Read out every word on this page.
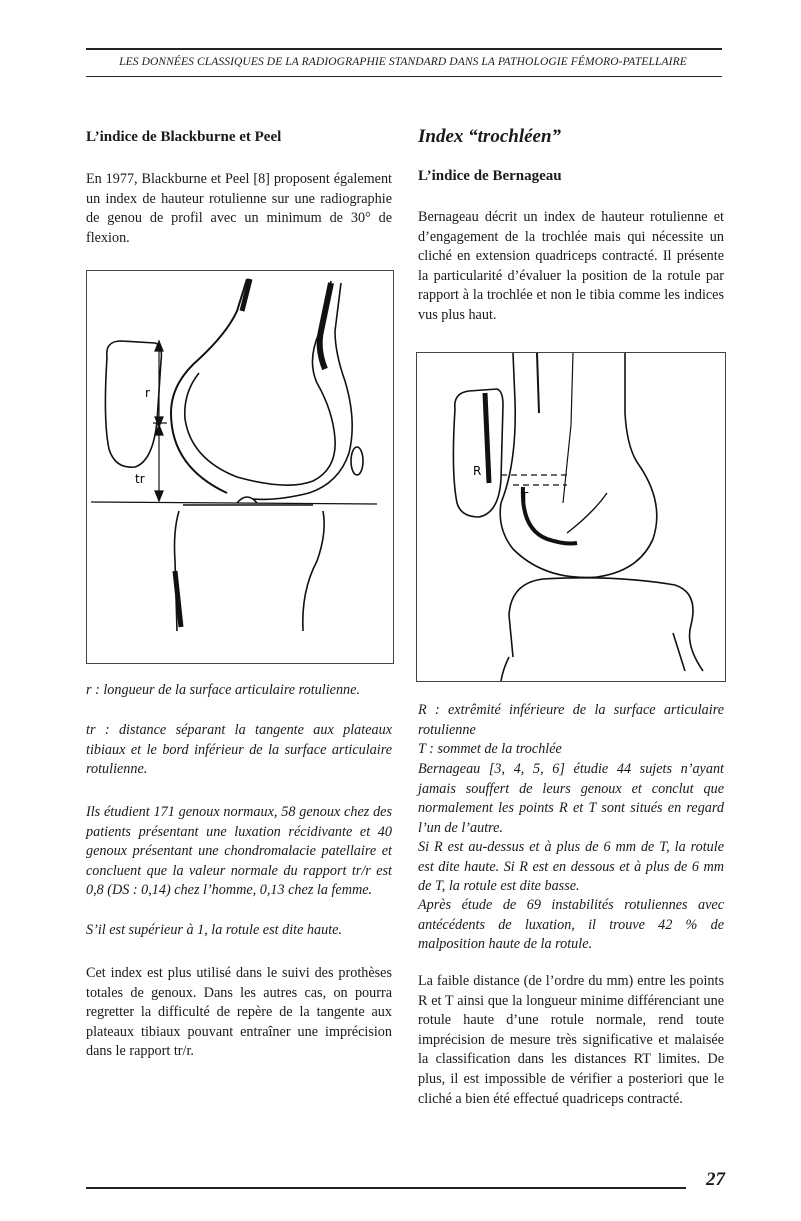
LES DONNÉES CLASSIQUES DE LA RADIOGRAPHIE STANDARD DANS LA PATHOLOGIE FÉMORO-PATELLAIRE
L’indice de Blackburne et Peel

En 1977, Blackburne et Peel [8] proposent également un index de hauteur rotulienne sur une radiographie de genou de profil avec un minimum de 30° de flexion.

r
tr

r : longueur de la surface articulaire rotulienne.

tr : distance séparant la tangente aux plateaux tibiaux et le bord inférieur de la surface articulaire rotulienne.

Ils étudient 171 genoux normaux, 58 genoux chez des patients présentant une luxation récidivante et 40 genoux présentant une chondromalacie patellaire et concluent que la valeur normale du rapport tr/r est 0,8 (DS : 0,14) chez l’homme, 0,13 chez la femme.

S’il est supérieur à 1, la rotule est dite haute.

Cet index est plus utilisé dans le suivi des prothèses totales de genoux. Dans les autres cas, on pourra regretter la difficulté de repère de la tangente aux plateaux tibiaux pouvant entraîner une imprécision dans le rapport tr/r.

Index “trochléen”
L’indice de Bernageau

Bernageau décrit un index de hauteur rotulienne et d’engagement de la trochlée mais qui nécessite un cliché en extension quadriceps contracté. Il présente la particularité d’évaluer la position de la rotule par rapport à la trochlée et non le tibia comme les indices vus plus haut.

R
T

R : extrêmité inférieure de la surface articulaire rotulienne

T : sommet de la trochlée

Bernageau [3, 4, 5, 6] étudie 44 sujets n’ayant jamais souffert de leurs genoux et conclut que normalement les points R et T sont situés en regard l’un de l’autre.

Si R est au-dessus et à plus de 6 mm de T, la rotule est dite haute. Si R est en dessous et à plus de 6 mm de T, la rotule est dite basse.

Après étude de 69 instabilités rotuliennes avec antécédents de luxation, il trouve 42 % de malposition haute de la rotule.

La faible distance (de l’ordre du mm) entre les points R et T ainsi que la longueur minime différenciant une rotule haute d’une rotule normale, rend toute imprécision de mesure très significative et malaisée la classification dans les distances RT limites. De plus, il est impossible de vérifier a posteriori que le cliché a bien été effectué quadriceps contracté.

27
